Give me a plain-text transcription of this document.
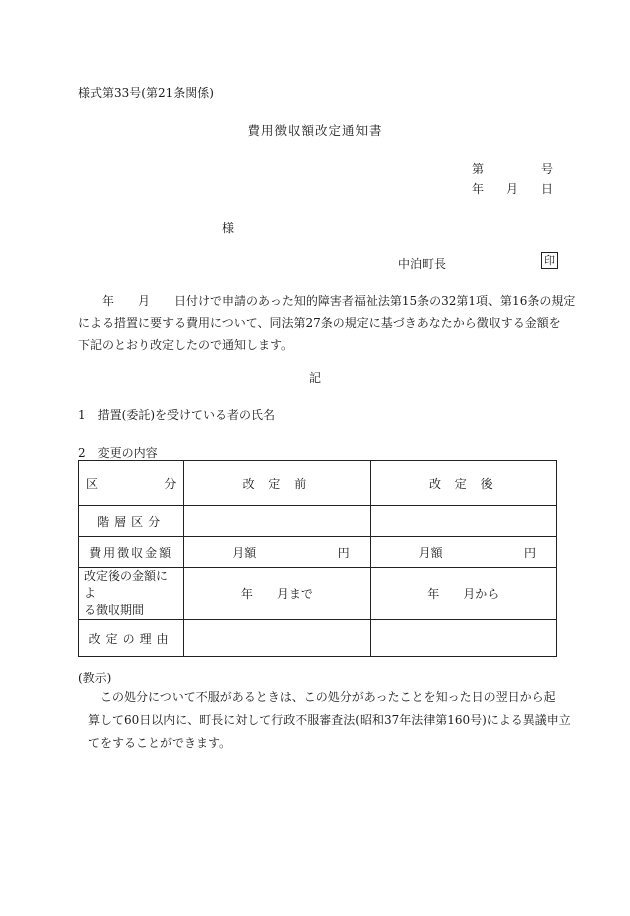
様式第33号(第21条関係)
費用徴収額改定通知書
第	号
年 月 日
様
中泊町長	印
年　　月　　日付けで申請のあった知的障害者福祉法第15条の32第1項、第16条の規定
による措置に要する費用について、同法第27条の規定に基づきあなたから徴収する金額を
下記のとおり改定したので通知します。
記
1　措置(委託)を受けている者の氏名
2　変更の内容
区 分	改 定 前	改 定 後
階層区分		

費用徴収金額	月額 円	月額 円

改定後の金額によ
る徴収期間	年　　月まで	年　　月から
改定の理由		
(教示)
この処分について不服があるときは、この処分があったことを知った日の翌日から起
算して60日以内に、町長に対して行政不服審査法(昭和37年法律第160号)による異議申立
てをすることができます。
